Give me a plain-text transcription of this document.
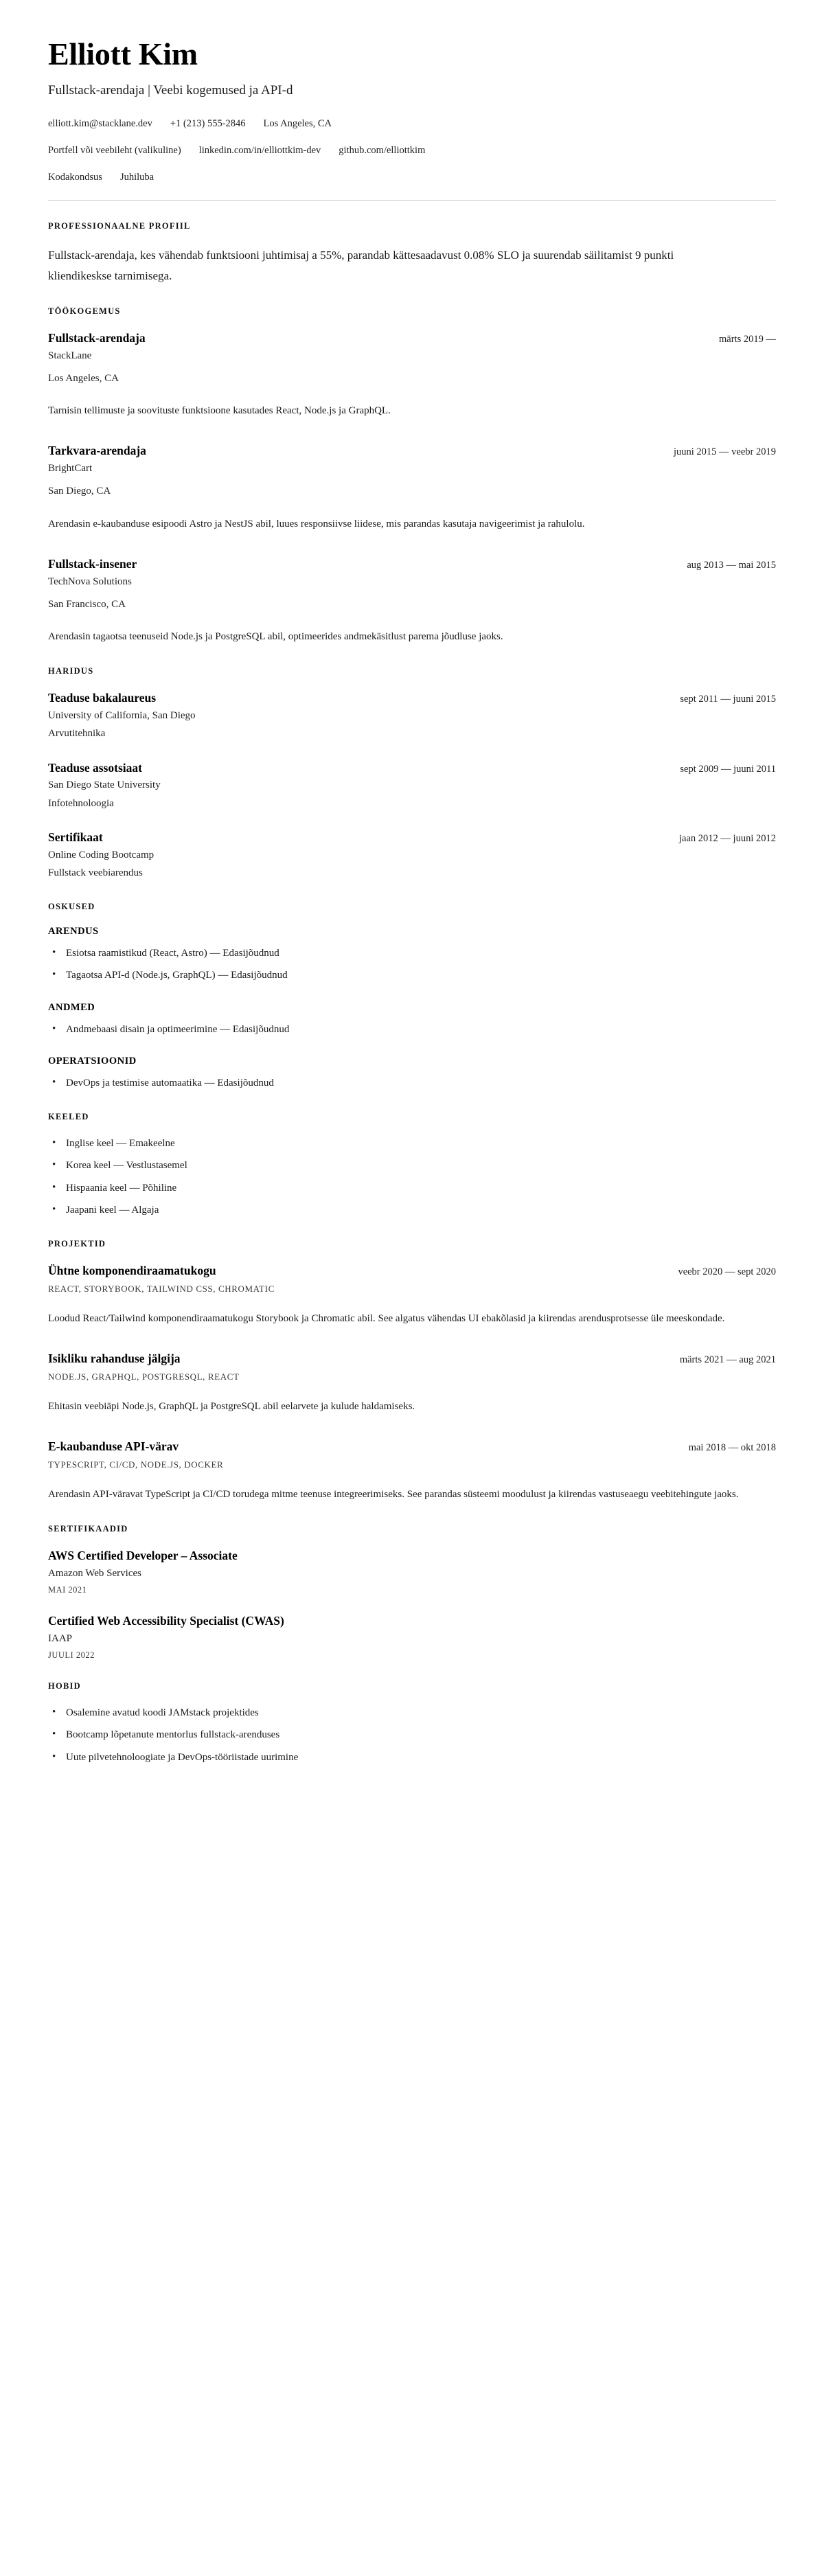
Elliott Kim

Fullstack-arendaja | Veebi kogemused ja API-d

elliott.kim@stacklane.dev +1 (213) 555-2846 Los Angeles, CA
Portfell või veebileht (valikuline) linkedin.com/in/elliottkim-dev github.com/elliottkim
Kodakondsus Juhiluba
PROFESSIONAALNE PROFIIL

Fullstack-arendaja, kes vähendab funktsiooni juhtimisaj a 55%, parandab kättesaadavust 0.08% SLO ja suurendab säilitamist 9 punkti kliendikeskse tarnimisega.

TÖÖKOGEMUS
Fullstack-arendaja	märts 2019 —

StackLane

Los Angeles, CA

Tarnisin tellimuste ja soovituste funktsioone kasutades React, Node.js ja GraphQL.

Tarkvara-arendaja	juuni 2015 — veebr 2019

BrightCart

San Diego, CA

Arendasin e-kaubanduse esipoodi Astro ja NestJS abil, luues responsiivse liidese, mis parandas kasutaja navigeerimist ja rahulolu.

Fullstack-insener	aug 2013 — mai 2015

TechNova Solutions

San Francisco, CA

Arendasin tagaotsa teenuseid Node.js ja PostgreSQL abil, optimeerides andmekäsitlust parema jõudluse jaoks.

HARIDUS
Teaduse bakalaureus	sept 2011 — juuni 2015

University of California, San Diego

Arvutitehnika

Teaduse assotsiaat	sept 2009 — juuni 2011

San Diego State University

Infotehnoloogia

Sertifikaat	jaan 2012 — juuni 2012

Online Coding Bootcamp

Fullstack veebiarendus

OSKUSED
ARENDUS
• Esiotsa raamistikud (React, Astro) — Edasijõudnud
• Tagaotsa API-d (Node.js, GraphQL) — Edasijõudnud
ANDMED
• Andmebaasi disain ja optimeerimine — Edasijõudnud
OPERATSIOONID
• DevOps ja testimise automaatika — Edasijõudnud
KEELED
• Inglise keel — Emakeelne
• Korea keel — Vestlustasemel
• Hispaania keel — Põhiline
• Jaapani keel — Algaja
PROJEKTID
Ühtne komponendiraamatukogu	veebr 2020 — sept 2020

REACT, STORYBOOK, TAILWIND CSS, CHROMATIC

Loodud React/Tailwind komponendiraamatukogu Storybook ja Chromatic abil. See algatus vähendas UI ebakõlasid ja kiirendas arendusprotsesse üle meeskondade.

Isikliku rahanduse jälgija	märts 2021 — aug 2021

NODE.JS, GRAPHQL, POSTGRESQL, REACT

Ehitasin veebiäpi Node.js, GraphQL ja PostgreSQL abil eelarvete ja kulude haldamiseks.

E-kaubanduse API-värav	mai 2018 — okt 2018

TYPESCRIPT, CI/CD, NODE.JS, DOCKER

Arendasin API-väravat TypeScript ja CI/CD torudega mitme teenuse integreerimiseks. See parandas süsteemi moodulust ja kiirendas vastuseaegu veebitehingute jaoks.

SERTIFIKAADID
AWS Certified Developer – Associate

Amazon Web Services

MAI 2021

Certified Web Accessibility Specialist (CWAS)

IAAP

JUULI 2022

HOBID
• Osalemine avatud koodi JAMstack projektides
• Bootcamp lõpetanute mentorlus fullstack-arenduses
• Uute pilvetehnoloogiate ja DevOps-tööriistade uurimine
